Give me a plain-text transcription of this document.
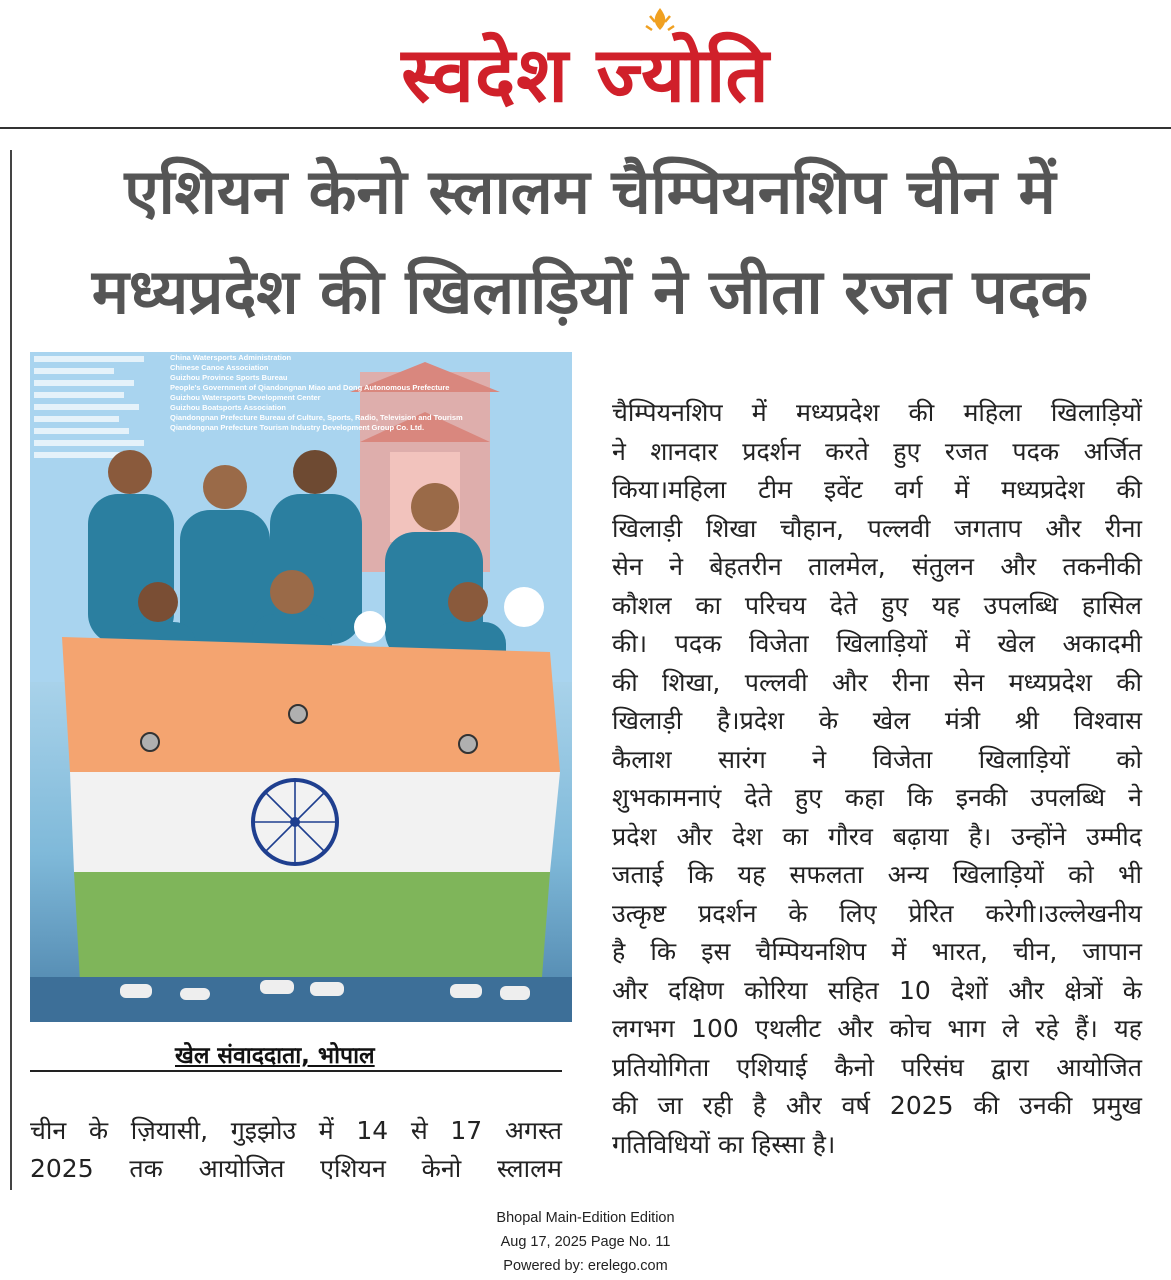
स्वदेश ज्योति
एशियन केनो स्लालम चैम्पियनशिप चीन में
मध्यप्रदेश की खिलाड़ियों ने जीता रजत पदक
China Watersports Administration
Chinese Canoe Association
Guizhou Province Sports Bureau
People's Government of Qiandongnan Miao and Dong Autonomous Prefecture
Guizhou Watersports Development Center
Guizhou Boatsports Association
Qiandongnan Prefecture Bureau of Culture, Sports, Radio, Television and Tourism
Qiandongnan Prefecture Tourism Industry Development Group Co. Ltd.
खेल संवाददाता, भोपाल
चीन के ज़ियासी, गुइझोउ में 14 से 17 अगस्त
2025 तक आयोजित एशियन केनो स्लालम
चैम्पियनशिप में मध्यप्रदेश की महिला खिलाड़ियों
ने शानदार प्रदर्शन करते हुए रजत पदक अर्जित
किया।महिला टीम इवेंट वर्ग में मध्यप्रदेश की
खिलाड़ी शिखा चौहान, पल्लवी जगताप और रीना
सेन ने बेहतरीन तालमेल, संतुलन और तकनीकी
कौशल का परिचय देते हुए यह उपलब्धि हासिल
की। पदक विजेता खिलाड़ियों में खेल अकादमी
की शिखा, पल्लवी और रीना सेन मध्यप्रदेश की
खिलाड़ी है।प्रदेश के खेल मंत्री श्री विश्वास
कैलाश सारंग ने विजेता खिलाड़ियों को
शुभकामनाएं देते हुए कहा कि इनकी उपलब्धि ने
प्रदेश और देश का गौरव बढ़ाया है। उन्होंने उम्मीद
जताई कि यह सफलता अन्य खिलाड़ियों को भी
उत्कृष्ट प्रदर्शन के लिए प्रेरित करेगी।उल्लेखनीय
है कि इस चैम्पियनशिप में भारत, चीन, जापान
और दक्षिण कोरिया सहित 10 देशों और क्षेत्रों के
लगभग 100 एथलीट और कोच भाग ले रहे हैं। यह
प्रतियोगिता एशियाई कैनो परिसंघ द्वारा आयोजित
की जा रही है और वर्ष 2025 की उनकी प्रमुख
गतिविधियों का हिस्सा है।
Bhopal Main-Edition Edition
Aug 17, 2025 Page No. 11
Powered by: erelego.com
